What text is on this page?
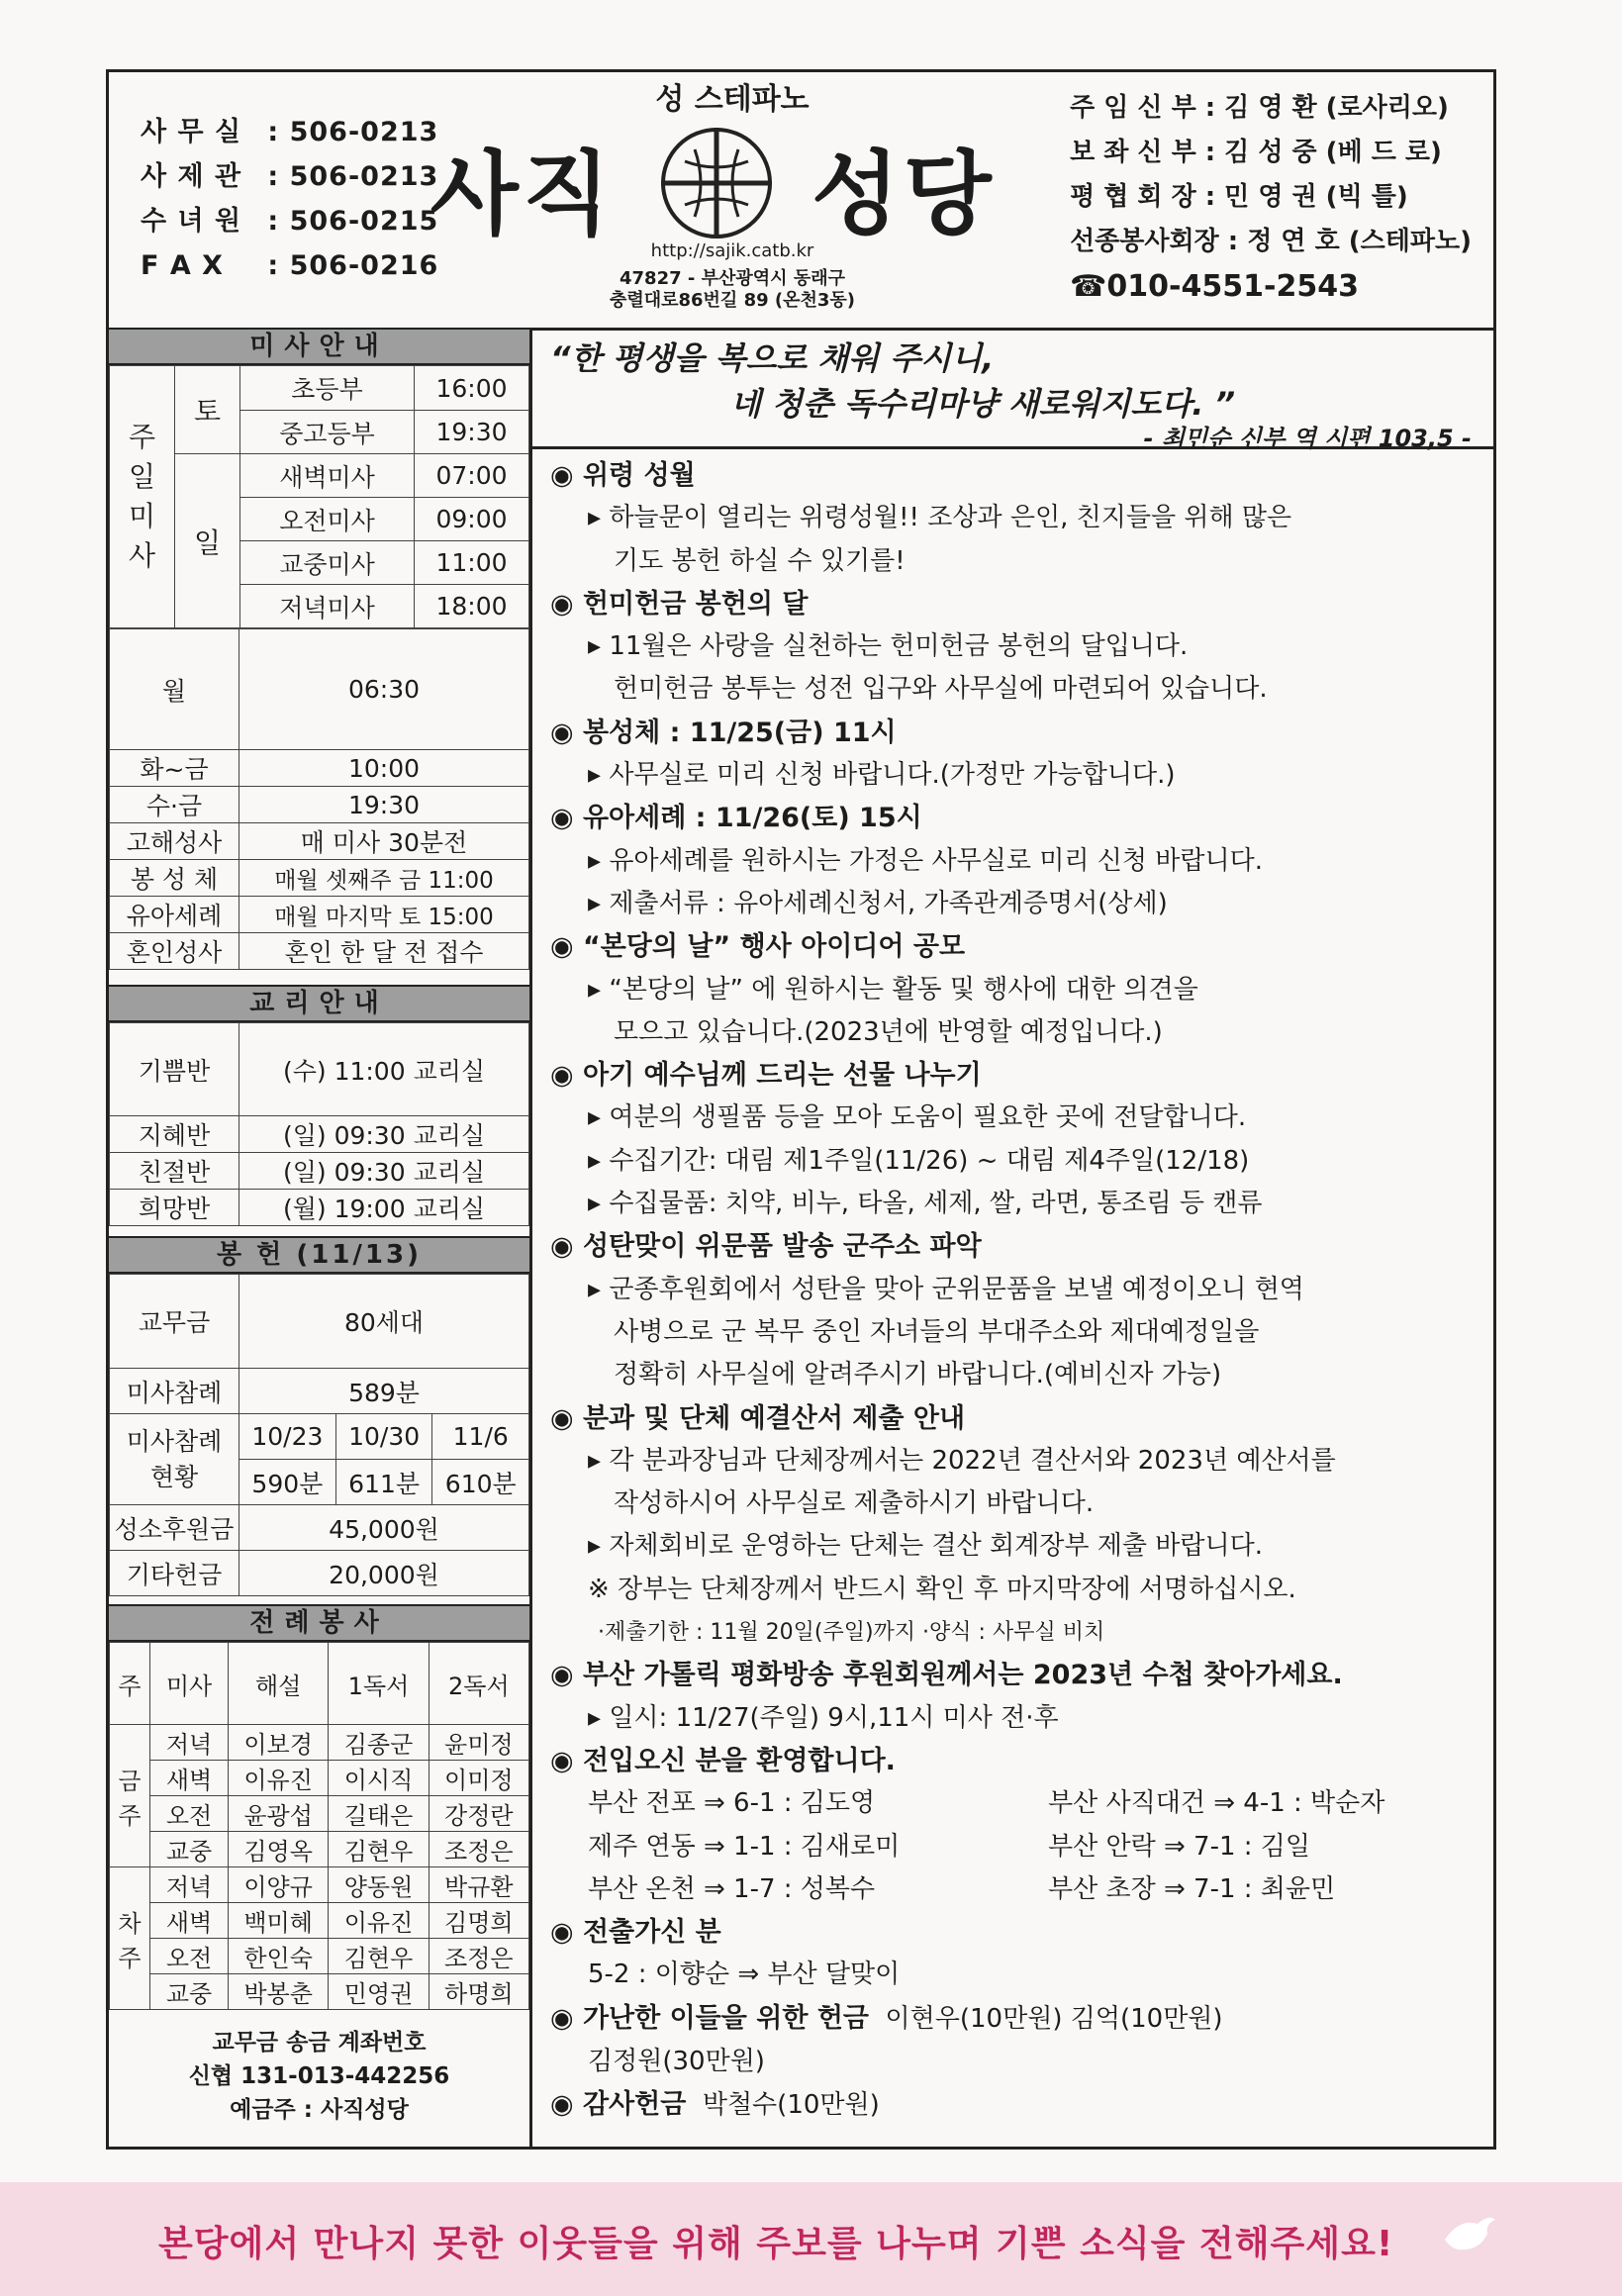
사 무 실 : 506-0213
사 제 관 : 506-0213
수 녀 원 : 506-0215
F A X	: 506-0216
성 스테파노
사직 성당
http://sajik.catb.kr
47827 - 부산광역시 동래구
충렬대로86번길 89 (온천3동)
주 임 신 부 : 김 영 환 (로사리오)
보 좌 신 부 : 김 성 중 (베 드 로)
평 협 회 장 : 민 영 권 (빅 틀)
선종봉사회장 : 정 연 호 (스테파노)
☎010-4551-2543
미사안내
주일미사	토	초등부	16:00
		중고등부	19:30
	일	새벽미사	07:00
		오전미사	09:00
		교중미사	11:00
		저녁미사	18:00
월	06:30
화~금	10:00
수·금	19:30
고해성사	매 미사 30분전
봉 성 체	매월 셋째주 금 11:00
유아세례	매월 마지막 토 15:00
혼인성사	혼인 한 달 전 접수
교리안내
기쁨반	(수) 11:00 교리실
지혜반	(일) 09:30 교리실
친절반	(일) 09:30 교리실
희망반	(월) 19:00 교리실
봉 헌 (11/13)
교무금	80세대		
미사참례	589분		
미사참례 현황	10/23	10/30	11/6
	590분	611분	610분
성소후원금	45,000원		
기타헌금	20,000원		
전례봉사
주	미사	해설	1독서	2독서
금주	저녁	이보경	김종군	윤미정
	새벽	이유진	이시직	이미정
	오전	윤광섭	길태은	강정란
	교중	김영옥	김현우	조정은
차주	저녁	이양규	양동원	박규환
	새벽	백미혜	이유진	김명희
	오전	한인숙	김현우	조정은
	교중	박봉춘	민영권	하명희
교무금 송금 계좌번호
신협 131-013-442256
예금주 : 사직성당
“한 평생을 복으로 채워 주시니,
네 청춘 독수리마냥 새로워지도다. ”
- 최민순 신부 역 시편 103,5 -
◉ 위령 성월
▸ 하늘문이 열리는 위령성월!! 조상과 은인, 친지들을 위해 많은
기도 봉헌 하실 수 있기를!
◉ 헌미헌금 봉헌의 달
▸ 11월은 사랑을 실천하는 헌미헌금 봉헌의 달입니다.
헌미헌금 봉투는 성전 입구와 사무실에 마련되어 있습니다.
◉ 봉성체 : 11/25(금) 11시
▸ 사무실로 미리 신청 바랍니다.(가정만 가능합니다.)
◉ 유아세례 : 11/26(토) 15시
▸ 유아세례를 원하시는 가정은 사무실로 미리 신청 바랍니다.
▸ 제출서류 : 유아세례신청서, 가족관계증명서(상세)
◉ “본당의 날” 행사 아이디어 공모
▸ “본당의 날” 에 원하시는 활동 및 행사에 대한 의견을
모으고 있습니다.(2023년에 반영할 예정입니다.)
◉ 아기 예수님께 드리는 선물 나누기
▸ 여분의 생필품 등을 모아 도움이 필요한 곳에 전달합니다.
▸ 수집기간: 대림 제1주일(11/26) ~ 대림 제4주일(12/18)
▸ 수집물품: 치약, 비누, 타올, 세제, 쌀, 라면, 통조림 등 캔류
◉ 성탄맞이 위문품 발송 군주소 파악
▸ 군종후원회에서 성탄을 맞아 군위문품을 보낼 예정이오니 현역
사병으로 군 복무 중인 자녀들의 부대주소와 제대예정일을
정확히 사무실에 알려주시기 바랍니다.(예비신자 가능)
◉ 분과 및 단체 예결산서 제출 안내
▸ 각 분과장님과 단체장께서는 2022년 결산서와 2023년 예산서를
작성하시어 사무실로 제출하시기 바랍니다.
▸ 자체회비로 운영하는 단체는 결산 회계장부 제출 바랍니다.
※ 장부는 단체장께서 반드시 확인 후 마지막장에 서명하십시오.
·제출기한 : 11월 20일(주일)까지 ·양식 : 사무실 비치
◉ 부산 가톨릭 평화방송 후원회원께서는 2023년 수첩 찾아가세요.
▸ 일시: 11/27(주일) 9시,11시 미사 전·후
◉ 전입오신 분을 환영합니다.
부산 전포 ⇒ 6-1 : 김도영	부산 사직대건 ⇒ 4-1 : 박순자
제주 연동 ⇒ 1-1 : 김새로미	부산 안락 ⇒ 7-1 : 김일
부산 온천 ⇒ 1-7 : 성복수	부산 초장 ⇒ 7-1 : 최윤민
◉ 전출가신 분
5-2 : 이향순 ⇒ 부산 달맞이
◉ 가난한 이들을 위한 헌금 이현우(10만원) 김억(10만원)
김정원(30만원)
◉ 감사헌금 박철수(10만원)
본당에서 만나지 못한 이웃들을 위해 주보를 나누며 기쁜 소식을 전해주세요!
